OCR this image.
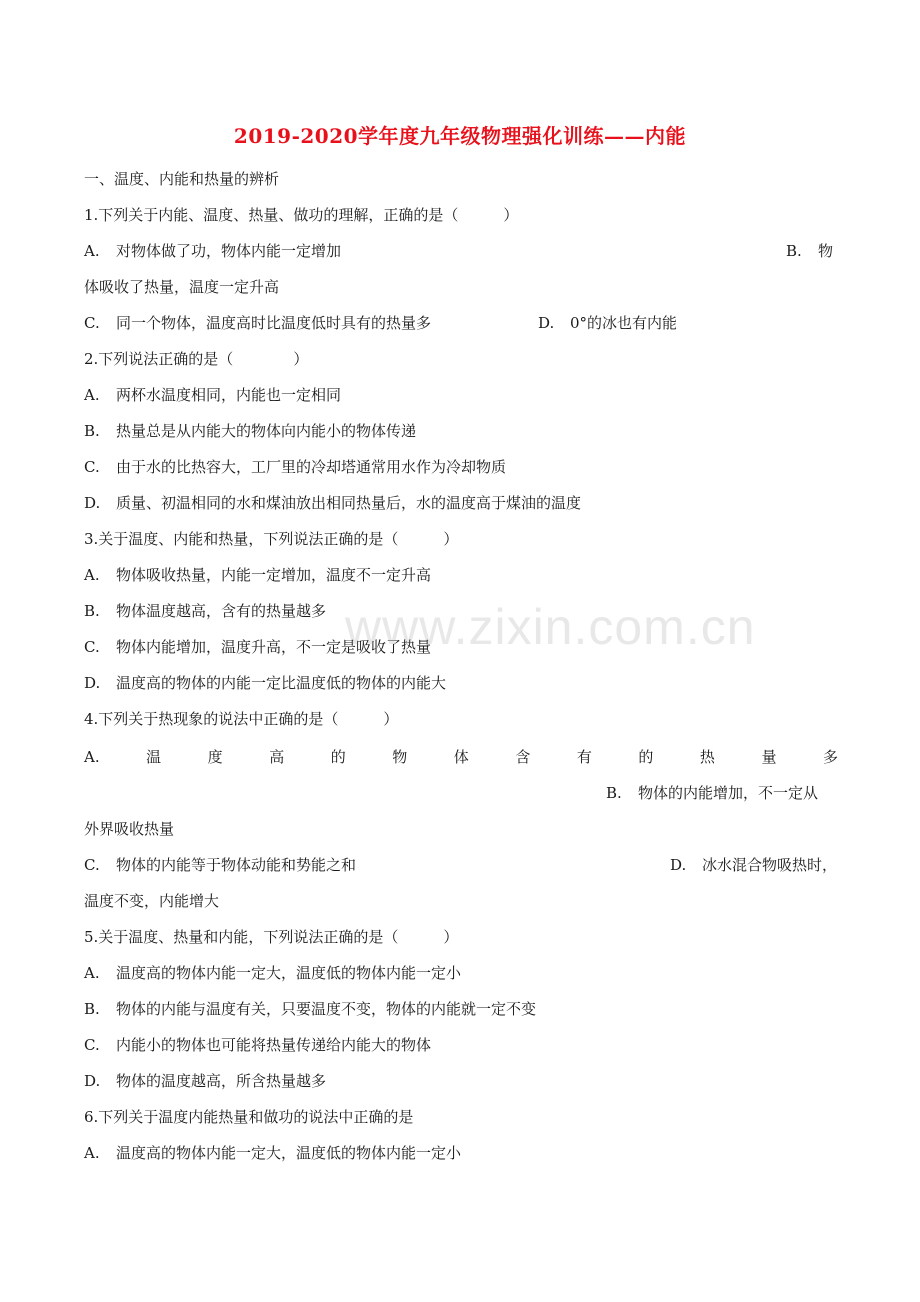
2019-2020学年度九年级物理强化训练——内能
一、温度、内能和热量的辨析
1.下列关于内能、温度、热量、做功的理解，正确的是（　　　）
A. 对物体做了功，物体内能一定增加	B. 物
体吸收了热量，温度一定升高
C. 同一个物体，温度高时比温度低时具有的热量多	D. 0°的冰也有内能
2.下列说法正确的是（　　　　）
A. 两杯水温度相同，内能也一定相同
B. 热量总是从内能大的物体向内能小的物体传递
C. 由于水的比热容大，工厂里的冷却塔通常用水作为冷却物质
D. 质量、初温相同的水和煤油放出相同热量后，水的温度高于煤油的温度
3.关于温度、内能和热量，下列说法正确的是（　　　）
A. 物体吸收热量，内能一定增加，温度不一定升高
B. 物体温度越高，含有的热量越多
C. 物体内能增加，温度升高，不一定是吸收了热量
D. 温度高的物体的内能一定比温度低的物体的内能大
4.下列关于热现象的说法中正确的是（　　　）
A.	温	度	高	的	物	体	含	有	的	热	量	多
B. 物体的内能增加，不一定从
外界吸收热量
C. 物体的内能等于物体动能和势能之和	D. 冰水混合物吸热时，
温度不变，内能增大
5.关于温度、热量和内能，下列说法正确的是（　　　）
A. 温度高的物体内能一定大，温度低的物体内能一定小
B. 物体的内能与温度有关，只要温度不变，物体的内能就一定不变
C. 内能小的物体也可能将热量传递给内能大的物体
D. 物体的温度越高，所含热量越多
6.下列关于温度内能热量和做功的说法中正确的是
A. 温度高的物体内能一定大，温度低的物体内能一定小
www.zixin.com.cn
